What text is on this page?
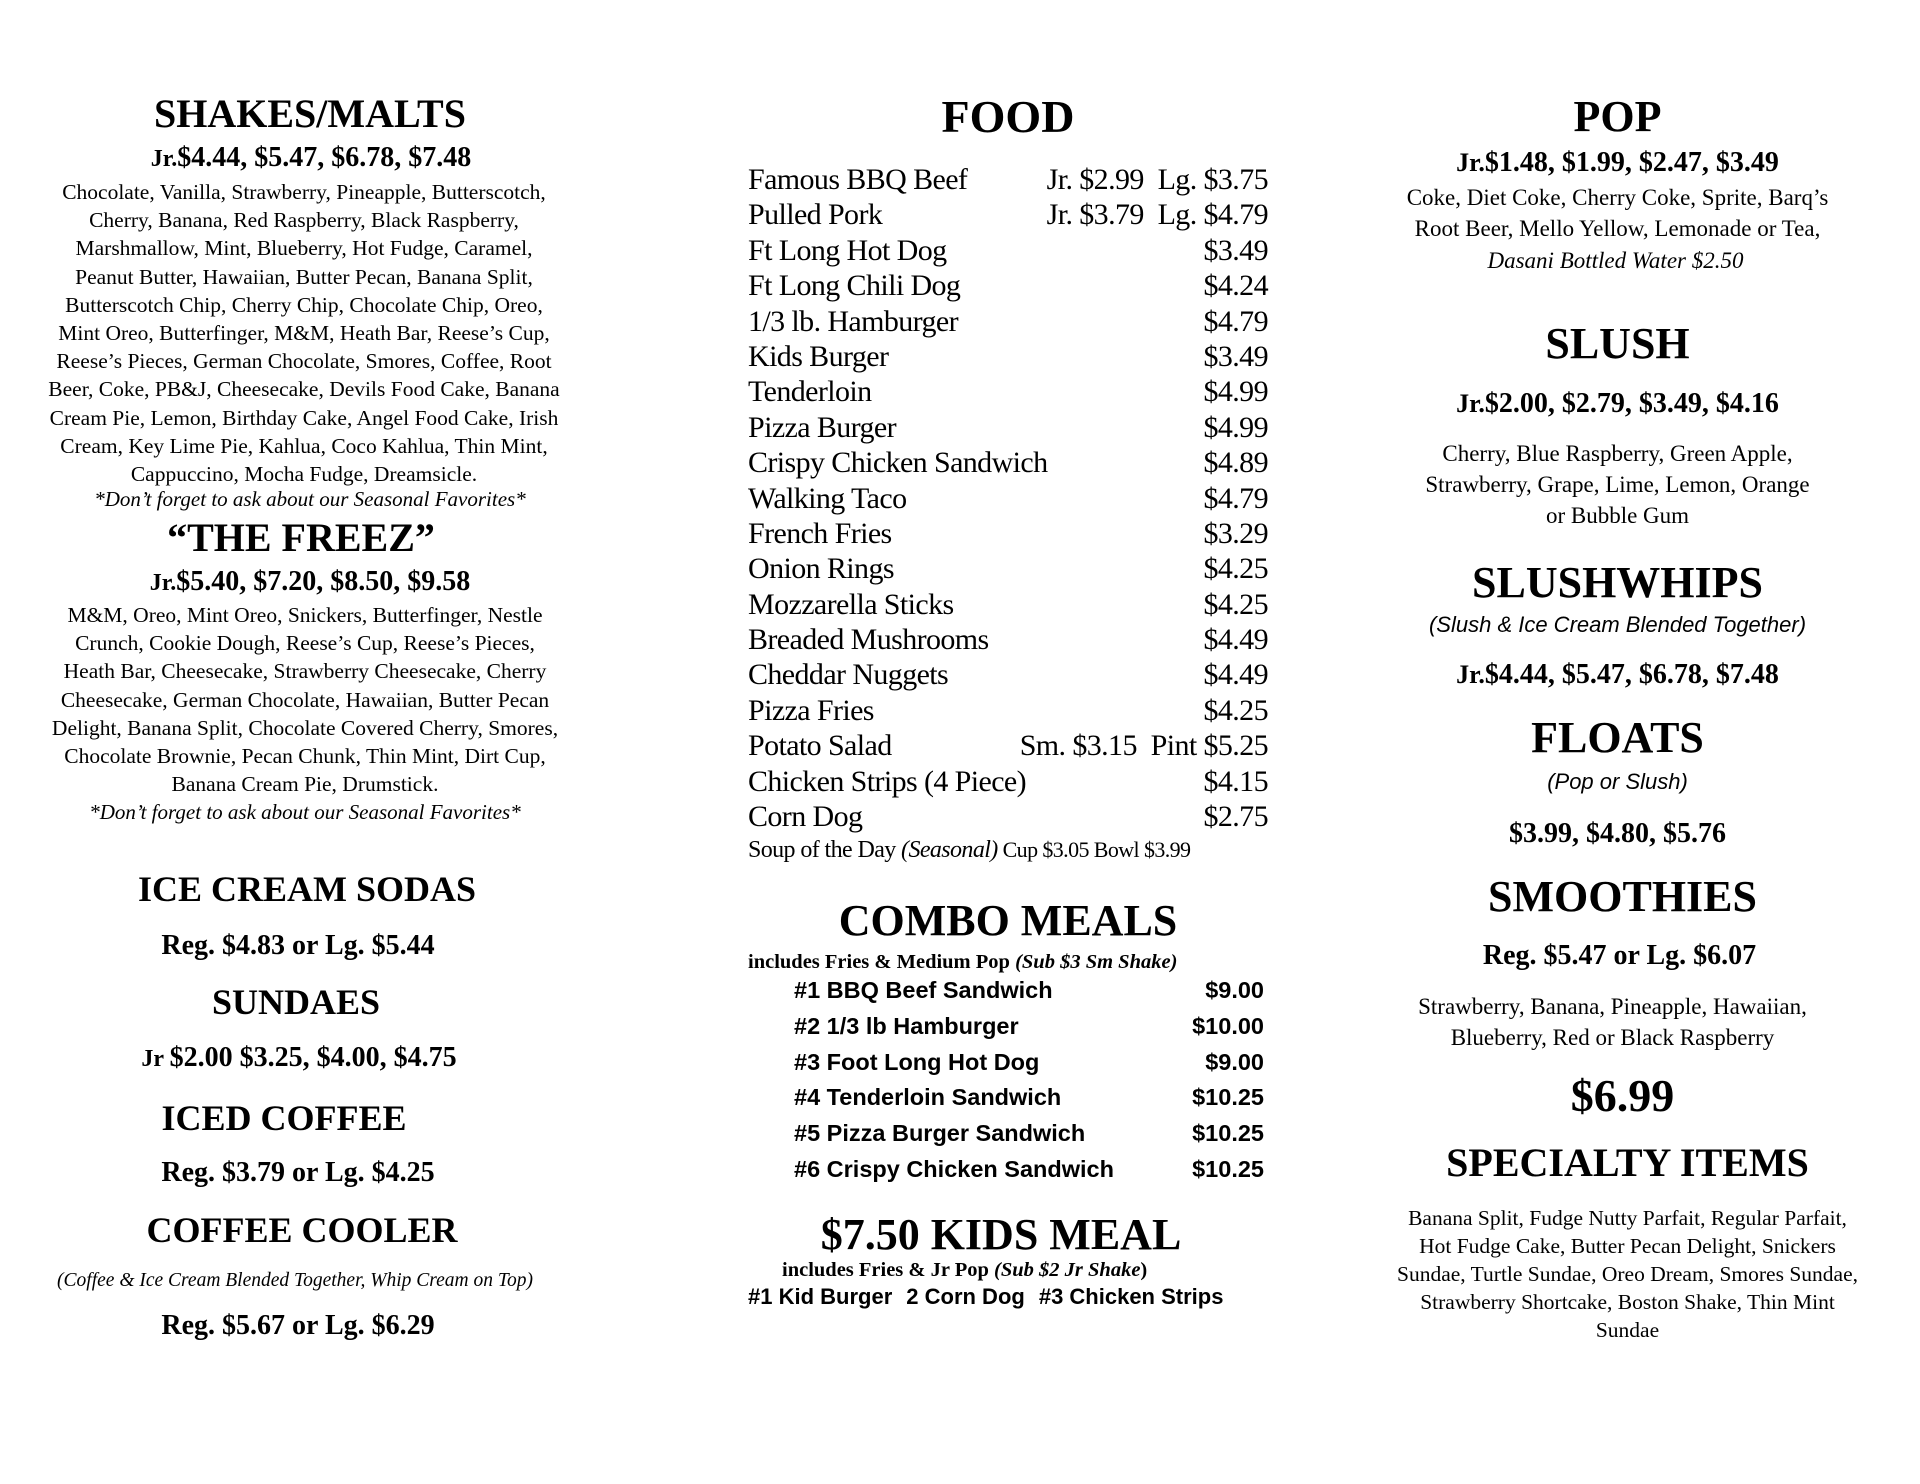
SHAKES/MALTS
Jr.$4.44, $5.47, $6.78, $7.48
Chocolate, Vanilla, Strawberry, Pineapple, Butterscotch,
Cherry, Banana, Red Raspberry, Black Raspberry,
Marshmallow, Mint, Blueberry, Hot Fudge, Caramel,
Peanut Butter, Hawaiian, Butter Pecan, Banana Split,
Butterscotch Chip, Cherry Chip, Chocolate Chip, Oreo,
Mint Oreo, Butterfinger, M&M, Heath Bar, Reese’s Cup,
Reese’s Pieces, German Chocolate, Smores, Coffee, Root
Beer, Coke, PB&J, Cheesecake, Devils Food Cake, Banana
Cream Pie, Lemon, Birthday Cake, Angel Food Cake, Irish
Cream, Key Lime Pie, Kahlua, Coco Kahlua, Thin Mint,
Cappuccino, Mocha Fudge, Dreamsicle.
*Don’t forget to ask about our Seasonal Favorites*
“THE FREEZ”
Jr.$5.40, $7.20, $8.50, $9.58
M&M, Oreo, Mint Oreo, Snickers, Butterfinger, Nestle
Crunch, Cookie Dough, Reese’s Cup, Reese’s Pieces,
Heath Bar, Cheesecake, Strawberry Cheesecake, Cherry
Cheesecake, German Chocolate, Hawaiian, Butter Pecan
Delight, Banana Split, Chocolate Covered Cherry, Smores,
Chocolate Brownie, Pecan Chunk, Thin Mint, Dirt Cup,
Banana Cream Pie, Drumstick.
*Don’t forget to ask about our Seasonal Favorites*
ICE CREAM SODAS
Reg. $4.83 or Lg. $5.44
SUNDAES
Jr $2.00 $3.25, $4.00, $4.75
ICED COFFEE
Reg. $3.79 or Lg. $4.25
COFFEE COOLER
(Coffee & Ice Cream Blended Together, Whip Cream on Top)
Reg. $5.67 or Lg. $6.29
FOOD
Famous BBQ Beef	Jr. $2.99  Lg. $3.75
Pulled Pork	Jr. $3.79  Lg. $4.79
Ft Long Hot Dog	$3.49
Ft Long Chili Dog	$4.24
1/3 lb. Hamburger	$4.79
Kids Burger	$3.49
Tenderloin	$4.99
Pizza Burger	$4.99
Crispy Chicken Sandwich	$4.89
Walking Taco	$4.79
French Fries	$3.29
Onion Rings	$4.25
Mozzarella Sticks	$4.25
Breaded Mushrooms	$4.49
Cheddar Nuggets	$4.49
Pizza Fries	$4.25
Potato Salad	Sm. $3.15  Pint $5.25
Chicken Strips (4 Piece)	$4.15
Corn Dog	$2.75
Soup of the Day (Seasonal) Cup $3.05 Bowl $3.99
COMBO MEALS
includes Fries & Medium Pop (Sub $3 Sm Shake)
#1 BBQ Beef Sandwich	$9.00
#2 1/3 lb Hamburger	$10.00
#3 Foot Long Hot Dog	$9.00
#4 Tenderloin Sandwich	$10.25
#5 Pizza Burger Sandwich	$10.25
#6 Crispy Chicken Sandwich	$10.25
$7.50 KIDS MEAL
includes Fries & Jr Pop (Sub $2 Jr Shake)
#1 Kid Burger 2 Corn Dog #3 Chicken Strips
POP
Jr.$1.48, $1.99, $2.47, $3.49
Coke, Diet Coke, Cherry Coke, Sprite, Barq’s
Root Beer, Mello Yellow, Lemonade or Tea,
Dasani Bottled Water $2.50
SLUSH
Jr.$2.00, $2.79, $3.49, $4.16
Cherry, Blue Raspberry, Green Apple,
Strawberry, Grape, Lime, Lemon, Orange
or Bubble Gum
SLUSHWHIPS
(Slush & Ice Cream Blended Together)
Jr.$4.44, $5.47, $6.78, $7.48
FLOATS
(Pop or Slush)
$3.99, $4.80, $5.76
SMOOTHIES
Reg. $5.47 or Lg. $6.07
Strawberry, Banana, Pineapple, Hawaiian,
Blueberry, Red or Black Raspberry
$6.99
SPECIALTY ITEMS
Banana Split, Fudge Nutty Parfait, Regular Parfait,
Hot Fudge Cake, Butter Pecan Delight, Snickers
Sundae, Turtle Sundae, Oreo Dream, Smores Sundae,
Strawberry Shortcake, Boston Shake, Thin Mint
Sundae
